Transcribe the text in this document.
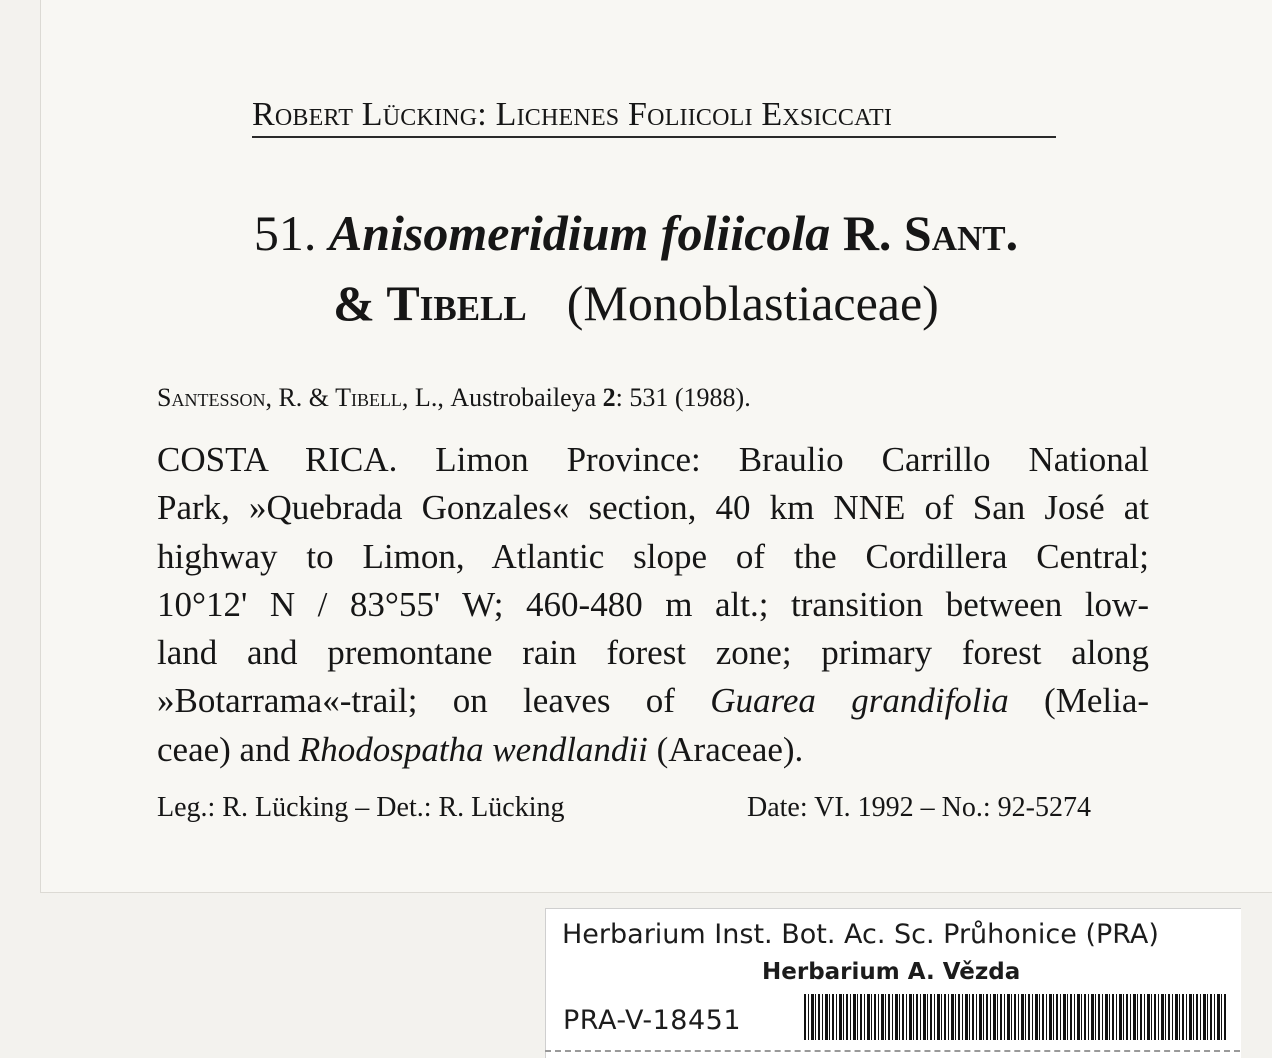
Robert Lücking: Lichenes Foliicoli Exsiccati
51. Anisomeridium foliicola R. Sant.
& Tibell (Monoblastiaceae)
Santesson, R. & Tibell, L., Austrobaileya 2: 531 (1988).
COSTA RICA. Limon Province: Braulio Carrillo National
Park, »Quebrada Gonzales« section, 40 km NNE of San José at
highway to Limon, Atlantic slope of the Cordillera Central;
10°12' N / 83°55' W; 460-480 m alt.; transition between low-
land and premontane rain forest zone; primary forest along
»Botarrama«-trail; on leaves of Guarea grandifolia (Melia-
ceae) and Rhodospatha wendlandii (Araceae).
Leg.: R. Lücking – Det.: R. Lücking	Date: VI. 1992 – No.: 92-5274
Herbarium Inst. Bot. Ac. Sc. Průhonice (PRA)
Herbarium A. Vězda
PRA-V-18451
